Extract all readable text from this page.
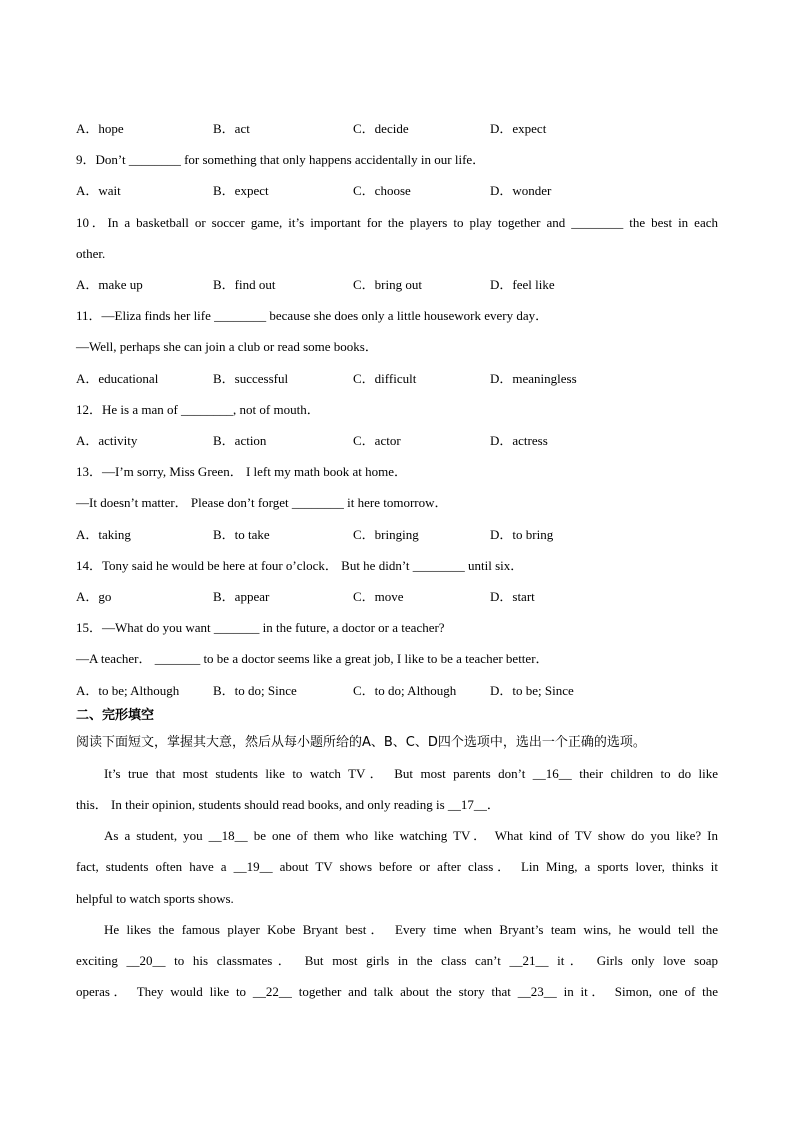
A．hope	B．act	C．decide	D．expect
9．Don’t ________ for something that only happens accidentally in our life．
A．wait	B．expect	C．choose	D．wonder
10．In a basketball or soccer game, it’s important for the players to play together and ________ the best in each
other.
A．make up	B．find out	C．bring out	D．feel like
11．—Eliza finds her life ________ because she does only a little housework every day．
—Well, perhaps she can join a club or read some books．
A．educational	B．successful	C．difficult	D．meaningless
12．He is a man of ________, not of mouth．
A．activity	B．action	C．actor	D．actress
13．—I’m sorry, Miss Green． I left my math book at home．
—It doesn’t matter． Please don’t forget ________ it here tomorrow．
A．taking	B．to take	C．bringing	D．to bring
14．Tony said he would be here at four o’clock． But he didn’t ________ until six．
A．go	B．appear	C．move	D．start
15．—What do you want _______ in the future, a doctor or a teacher?
—A teacher． _______ to be a doctor seems like a great job, I like to be a teacher better．
A．to be; Although	B．to do; Since	C．to do; Although	D．to be; Since
二、完形填空
阅读下面短文，掌握其大意，然后从每小题所给的A、B、C、D四个选项中，选出一个正确的选项。
It’s true that most students like to watch TV． But most parents don’t __16__ their children to do like
this． In their opinion, students should read books, and only reading is __17__．
As a student, you __18__ be one of them who like watching TV． What kind of TV show do you like? In
fact, students often have a __19__ about TV shows before or after class． Lin Ming, a sports lover, thinks it
helpful to watch sports shows.
He likes the famous player Kobe Bryant best． Every time when Bryant’s team wins, he would tell the
exciting __20__ to his classmates． But most girls in the class can’t __21__ it． Girls only love soap
operas． They would like to __22__ together and talk about the story that __23__ in it． Simon, one of the
